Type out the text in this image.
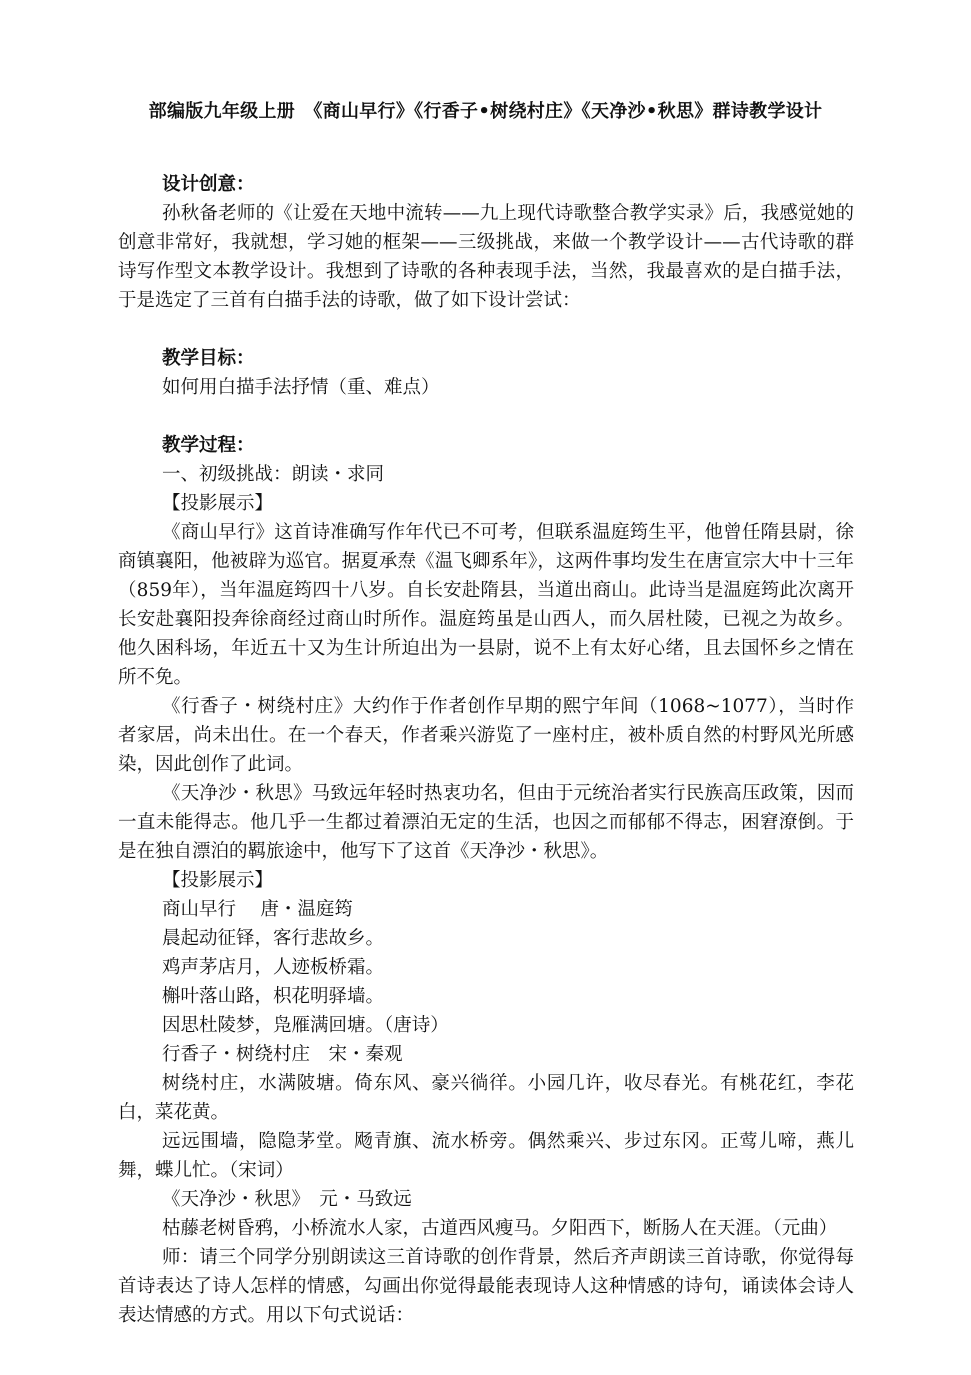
部编版九年级上册　《商山早行》《行香子•树绕村庄》《天净沙•秋思》群诗教学设计

设计创意：

孙秋备老师的《让爱在天地中流转——九上现代诗歌整合教学实录》后，我感觉她的创意非常好，我就想，学习她的框架——三级挑战，来做一个教学设计——古代诗歌的群诗写作型文本教学设计。我想到了诗歌的各种表现手法，当然，我最喜欢的是白描手法，于是选定了三首有白描手法的诗歌，做了如下设计尝试：

教学目标：

如何用白描手法抒情（重、难点）

教学过程：

一、初级挑战：朗读・求同

【投影展示】

《商山早行》这首诗准确写作年代已不可考，但联系温庭筠生平，他曾任隋县尉，徐商镇襄阳，他被辟为巡官。据夏承焘《温飞卿系年》，这两件事均发生在唐宣宗大中十三年（859年），当年温庭筠四十八岁。自长安赴隋县，当道出商山。此诗当是温庭筠此次离开长安赴襄阳投奔徐商经过商山时所作。温庭筠虽是山西人，而久居杜陵，已视之为故乡。他久困科场，年近五十又为生计所迫出为一县尉，说不上有太好心绪，且去国怀乡之情在所不免。

《行香子・树绕村庄》大约作于作者创作早期的熙宁年间（1068~1077），当时作者家居，尚未出仕。在一个春天，作者乘兴游览了一座村庄，被朴质自然的村野风光所感染，因此创作了此词。

《天净沙・秋思》马致远年轻时热衷功名，但由于元统治者实行民族高压政策，因而一直未能得志。他几乎一生都过着漂泊无定的生活，也因之而郁郁不得志，困窘潦倒。于是在独自漂泊的羁旅途中，他写下了这首《天净沙・秋思》。

【投影展示】

商山早行　 唐・温庭筠

晨起动征铎，客行悲故乡。

鸡声茅店月，人迹板桥霜。

槲叶落山路，枳花明驿墙。

因思杜陵梦，凫雁满回塘。（唐诗）

行香子・树绕村庄　宋・秦观

树绕村庄，水满陂塘。倚东风、豪兴徜徉。小园几许，收尽春光。有桃花红，李花白，菜花黄。

远远围墙，隐隐茅堂。飏青旗、流水桥旁。偶然乘兴、步过东冈。正莺儿啼，燕儿舞，蝶儿忙。（宋词）

《天净沙・秋思》　元・马致远

枯藤老树昏鸦，小桥流水人家，古道西风瘦马。夕阳西下，断肠人在天涯。（元曲）

师：请三个同学分别朗读这三首诗歌的创作背景，然后齐声朗读三首诗歌，你觉得每首诗表达了诗人怎样的情感，勾画出你觉得最能表现诗人这种情感的诗句，诵读体会诗人表达情感的方式。用以下句式说话：
